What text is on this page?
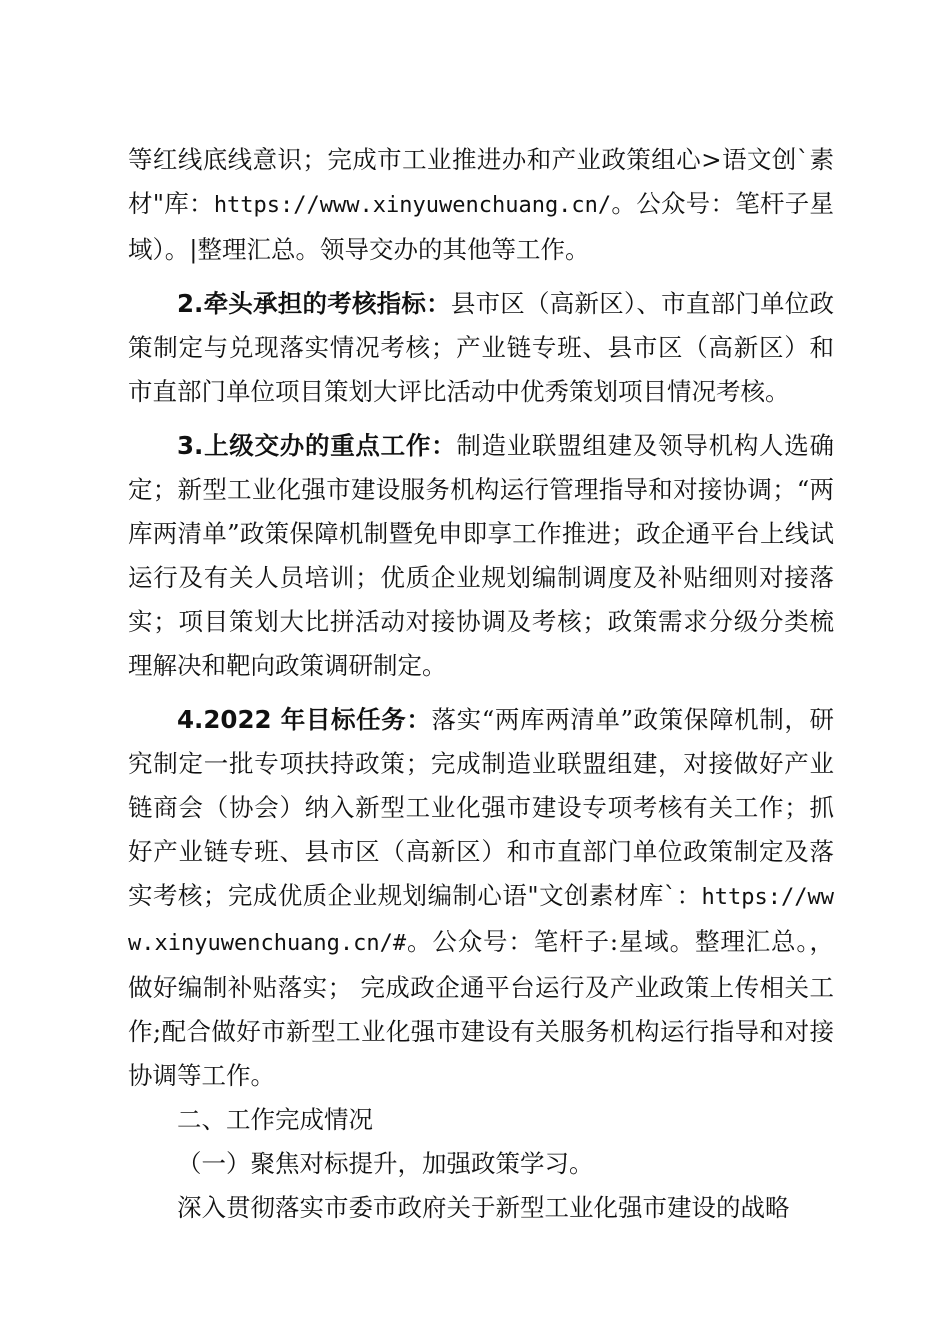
等红线底线意识；完成市工业推进办和产业政策组心>语文创`素材"库：https://www.xinyuwenchuang.cn/。公众号：笔杆子星域）。|整理汇总。领导交办的其他等工作。

2.牵头承担的考核指标：县市区（高新区）、市直部门单位政策制定与兑现落实情况考核；产业链专班、县市区（高新区）和市直部门单位项目策划大评比活动中优秀策划项目情况考核。

3.上级交办的重点工作：制造业联盟组建及领导机构人选确定；新型工业化强市建设服务机构运行管理指导和对接协调；“两库两清单”政策保障机制暨免申即享工作推进；政企通平台上线试运行及有关人员培训；优质企业规划编制调度及补贴细则对接落实；项目策划大比拼活动对接协调及考核；政策需求分级分类梳理解决和靶向政策调研制定。

4.2022 年目标任务：落实“两库两清单”政策保障机制，研究制定一批专项扶持政策；完成制造业联盟组建，对接做好产业链商会（协会）纳入新型工业化强市建设专项考核有关工作；抓好产业链专班、县市区（高新区）和市直部门单位政策制定及落实考核；完成优质企业规划编制心语"文创素材库`：https://www.xinyuwenchuang.cn/#。公众号：笔杆子:星域。整理汇总。，做好编制补贴落实； 完成政企通平台运行及产业政策上传相关工作;配合做好市新型工业化强市建设有关服务机构运行指导和对接协调等工作。

二、工作完成情况

（一）聚焦对标提升，加强政策学习。

深入贯彻落实市委市政府关于新型工业化强市建设的战略
